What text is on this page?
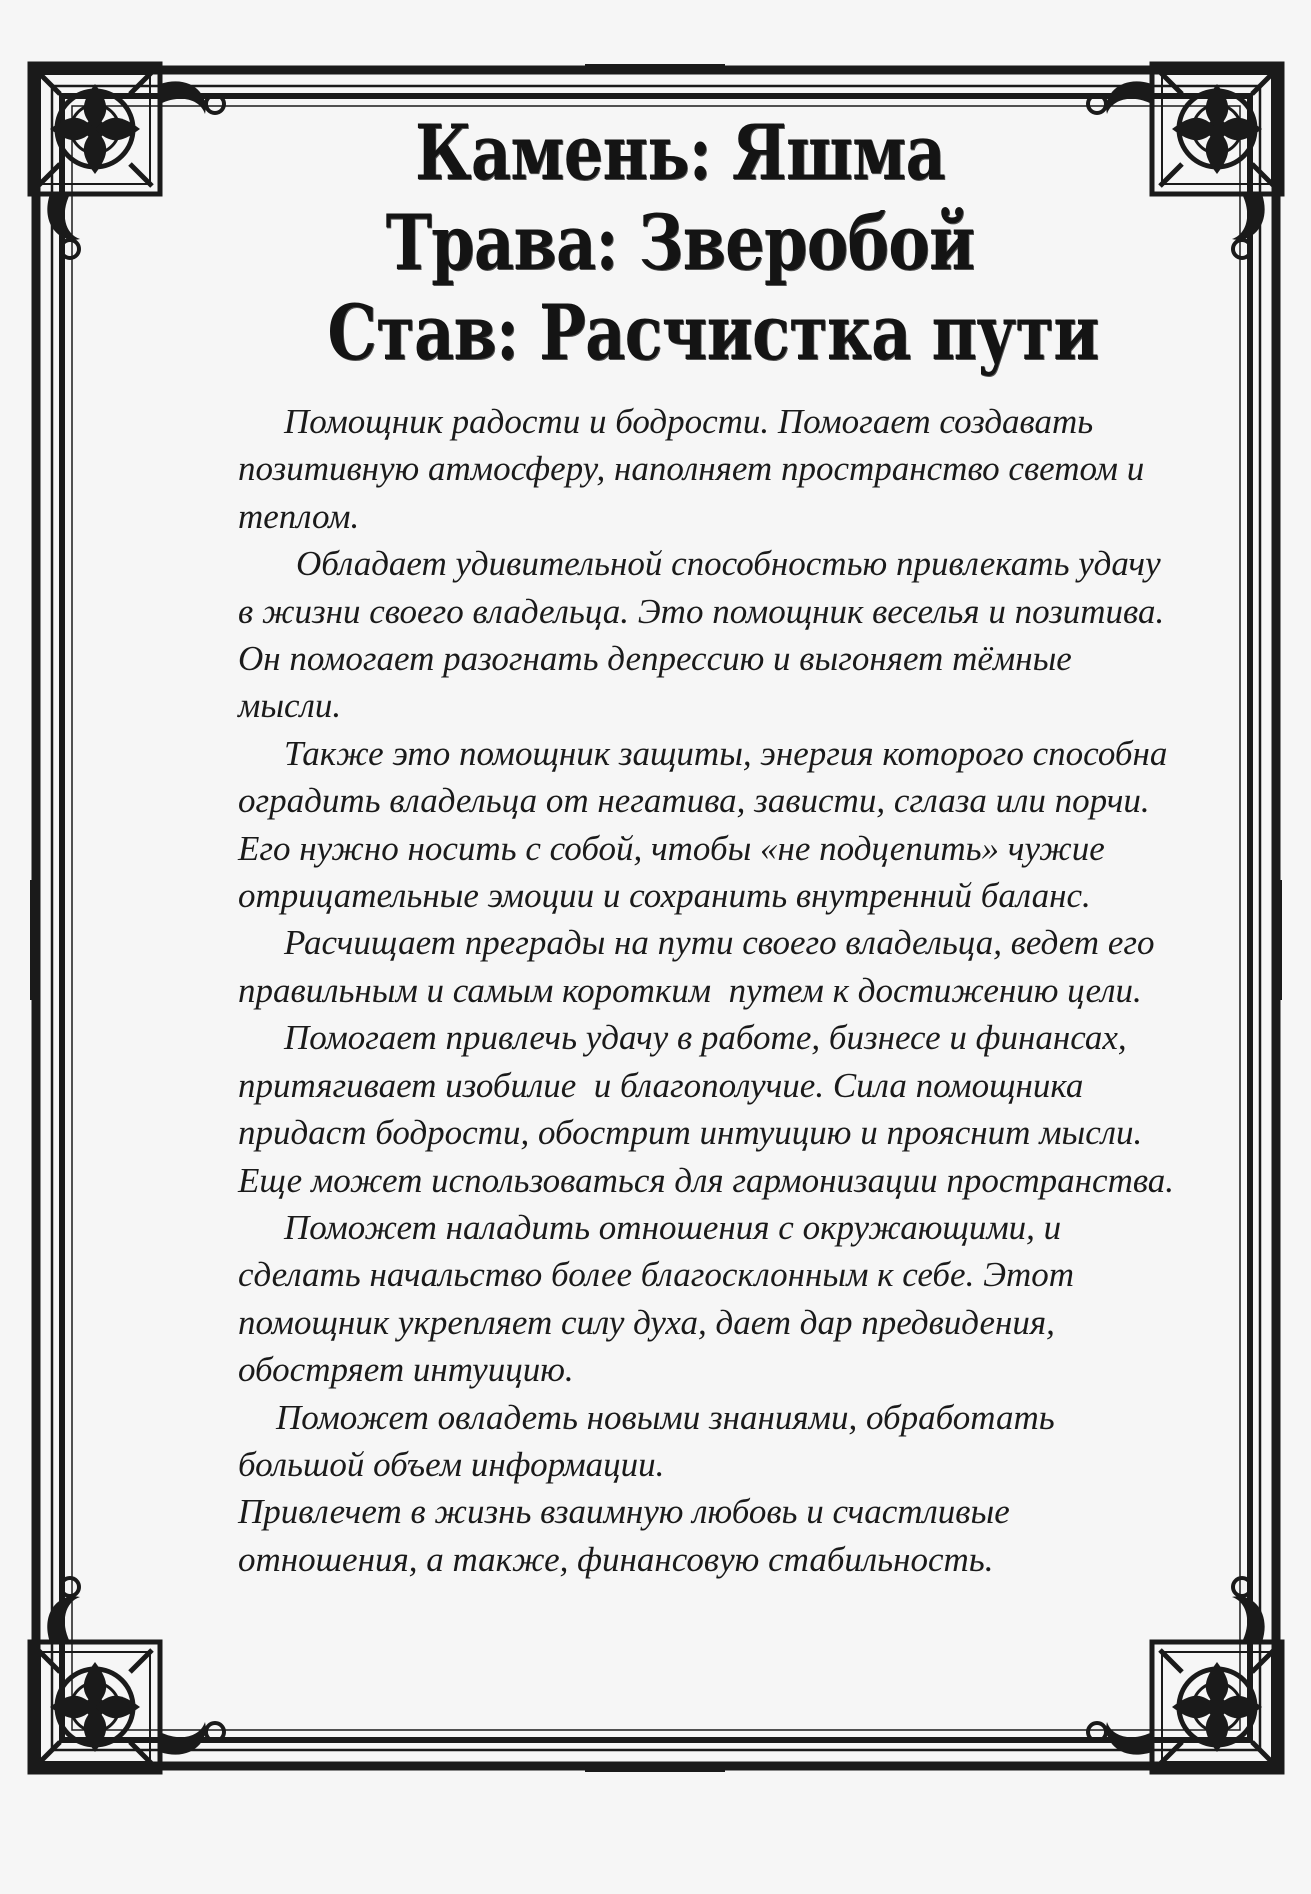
Камень: Яшма
Трава: Зверобой
Став: Расчистка пути

Помощник радости и бодрости. Помогает создавать позитивную атмосферу, наполняет пространство светом и теплом.

Обладает удивительной способностью привлекать удачу в жизни своего владельца. Это помощник веселья и позитива. Он помогает разогнать депрессию и выгоняет тёмные мысли.

Также это помощник защиты, энергия которого способна оградить владельца от негатива, зависти, сглаза или порчи.  Его нужно носить с собой, чтобы «не подцепить» чужие отрицательные эмоции и сохранить внутренний баланс.

Расчищает преграды на пути своего владельца, ведет его правильным и самым коротким  путем к достижению цели.

Помогает привлечь удачу в работе, бизнесе и финансах, притягивает изобилие  и благополучие. Сила помощника придаст бодрости, обострит интуицию и прояснит мысли. Еще может использоваться для гармонизации пространства.

Поможет наладить отношения с окружающими, и сделать начальство более благосклонным к себе. Этот помощник укрепляет силу духа, дает дар предвидения, обостряет интуицию.

Поможет овладеть новыми знаниями, обработать большой объем информации.

Привлечет в жизнь взаимную любовь и счастливые отношения, а также, финансовую стабильность.
